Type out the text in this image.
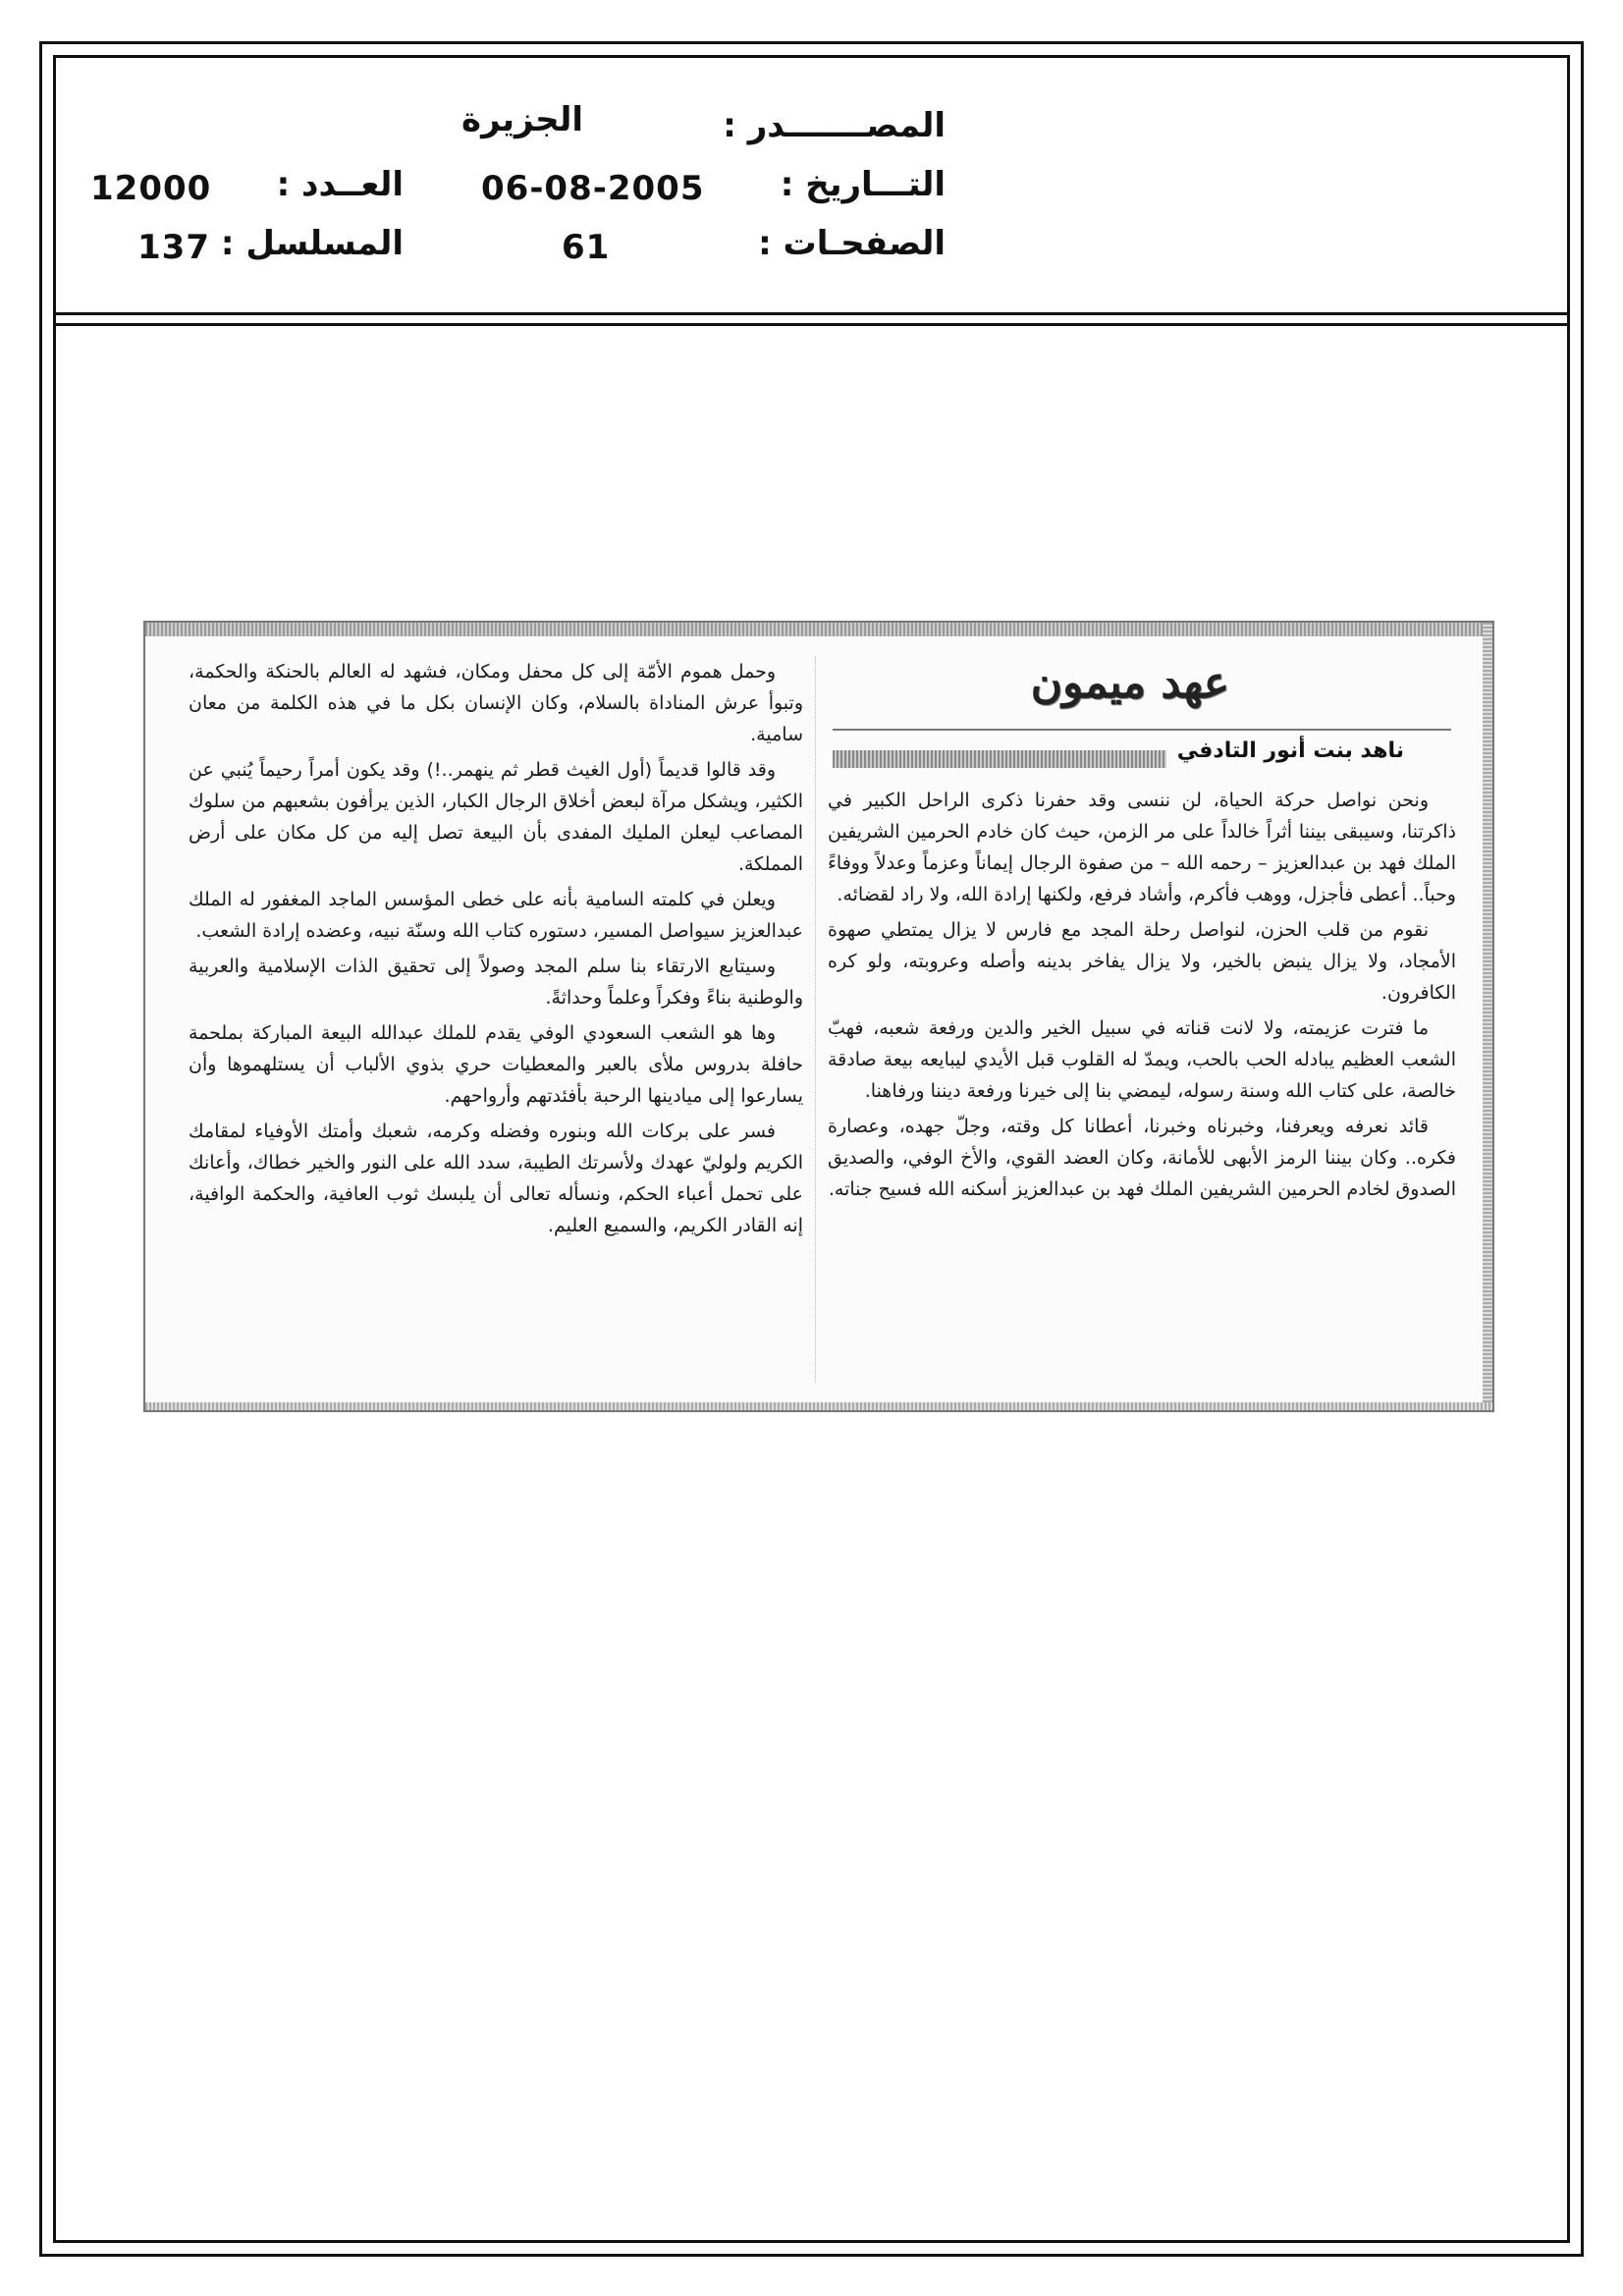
المصـــــــدر :
الجزيرة
التـــاريخ :
06-08-2005
العــدد :
12000
الصفحـات :
61
المسلسل :
137
عهد ميمون
ناهد بنت أنور التادفي

ونحن نواصل حركة الحياة، لن ننسى وقد حفرنا ذكرى الراحل الكبير في ذاكرتنا، وسيبقى بيننا أثراً خالداً على مر الزمن، حيث كان خادم الحرمين الشريفين الملك فهد بن عبدالعزيز – رحمه الله – من صفوة الرجال إيماناً وعزماً وعدلاً ووفاءً وحباً.. أعطى فأجزل، ووهب فأكرم، وأشاد فرفع، ولكنها إرادة الله، ولا راد لقضائه.

نقوم من قلب الحزن، لنواصل رحلة المجد مع فارس لا يزال يمتطي صهوة الأمجاد، ولا يزال ينبض بالخير، ولا يزال يفاخر بدينه وأصله وعروبته، ولو كره الكافرون.

ما فترت عزيمته، ولا لانت قناته في سبيل الخير والدين ورفعة شعبه، فهبّ الشعب العظيم يبادله الحب بالحب، ويمدّ له القلوب قبل الأيدي ليبايعه بيعة صادقة خالصة، على كتاب الله وسنة رسوله، ليمضي بنا إلى خيرنا ورفعة ديننا ورفاهنا.

قائد نعرفه ويعرفنا، وخبرناه وخبرنا، أعطانا كل وقته، وجلّ جهده، وعصارة فكره.. وكان بيننا الرمز الأبهى للأمانة، وكان العضد القوي، والأخ الوفي، والصديق الصدوق لخادم الحرمين الشريفين الملك فهد بن عبدالعزيز أسكنه الله فسيح جناته.

وحمل هموم الأمّة إلى كل محفل ومكان، فشهد له العالم بالحنكة والحكمة، وتبوأ عرش المناداة بالسلام، وكان الإنسان بكل ما في هذه الكلمة من معان سامية.

وقد قالوا قديماً (أول الغيث قطر ثم ينهمر..!) وقد يكون أمراً رحيماً يُنبي عن الكثير، ويشكل مرآة لبعض أخلاق الرجال الكبار، الذين يرأفون بشعبهم من سلوك المصاعب ليعلن المليك المفدى بأن البيعة تصل إليه من كل مكان على أرض المملكة.

ويعلن في كلمته السامية بأنه على خطى المؤسس الماجد المغفور له الملك عبدالعزيز سيواصل المسير، دستوره كتاب الله وسنّة نبيه، وعضده إرادة الشعب.

وسيتابع الارتقاء بنا سلم المجد وصولاً إلى تحقيق الذات الإسلامية والعربية والوطنية بناءً وفكراً وعلماً وحداثةً.

وها هو الشعب السعودي الوفي يقدم للملك عبدالله البيعة المباركة بملحمة حافلة بدروس ملأى بالعبر والمعطيات حري بذوي الألباب أن يستلهموها وأن يسارعوا إلى ميادينها الرحبة بأفئدتهم وأرواحهم.

فسر على بركات الله وبنوره وفضله وكرمه، شعبك وأمتك الأوفياء لمقامك الكريم ولوليّ عهدك ولأسرتك الطيبة، سدد الله على النور والخير خطاك، وأعانك على تحمل أعباء الحكم، ونسأله تعالى أن يلبسك ثوب العافية، والحكمة الوافية، إنه القادر الكريم، والسميع العليم.
